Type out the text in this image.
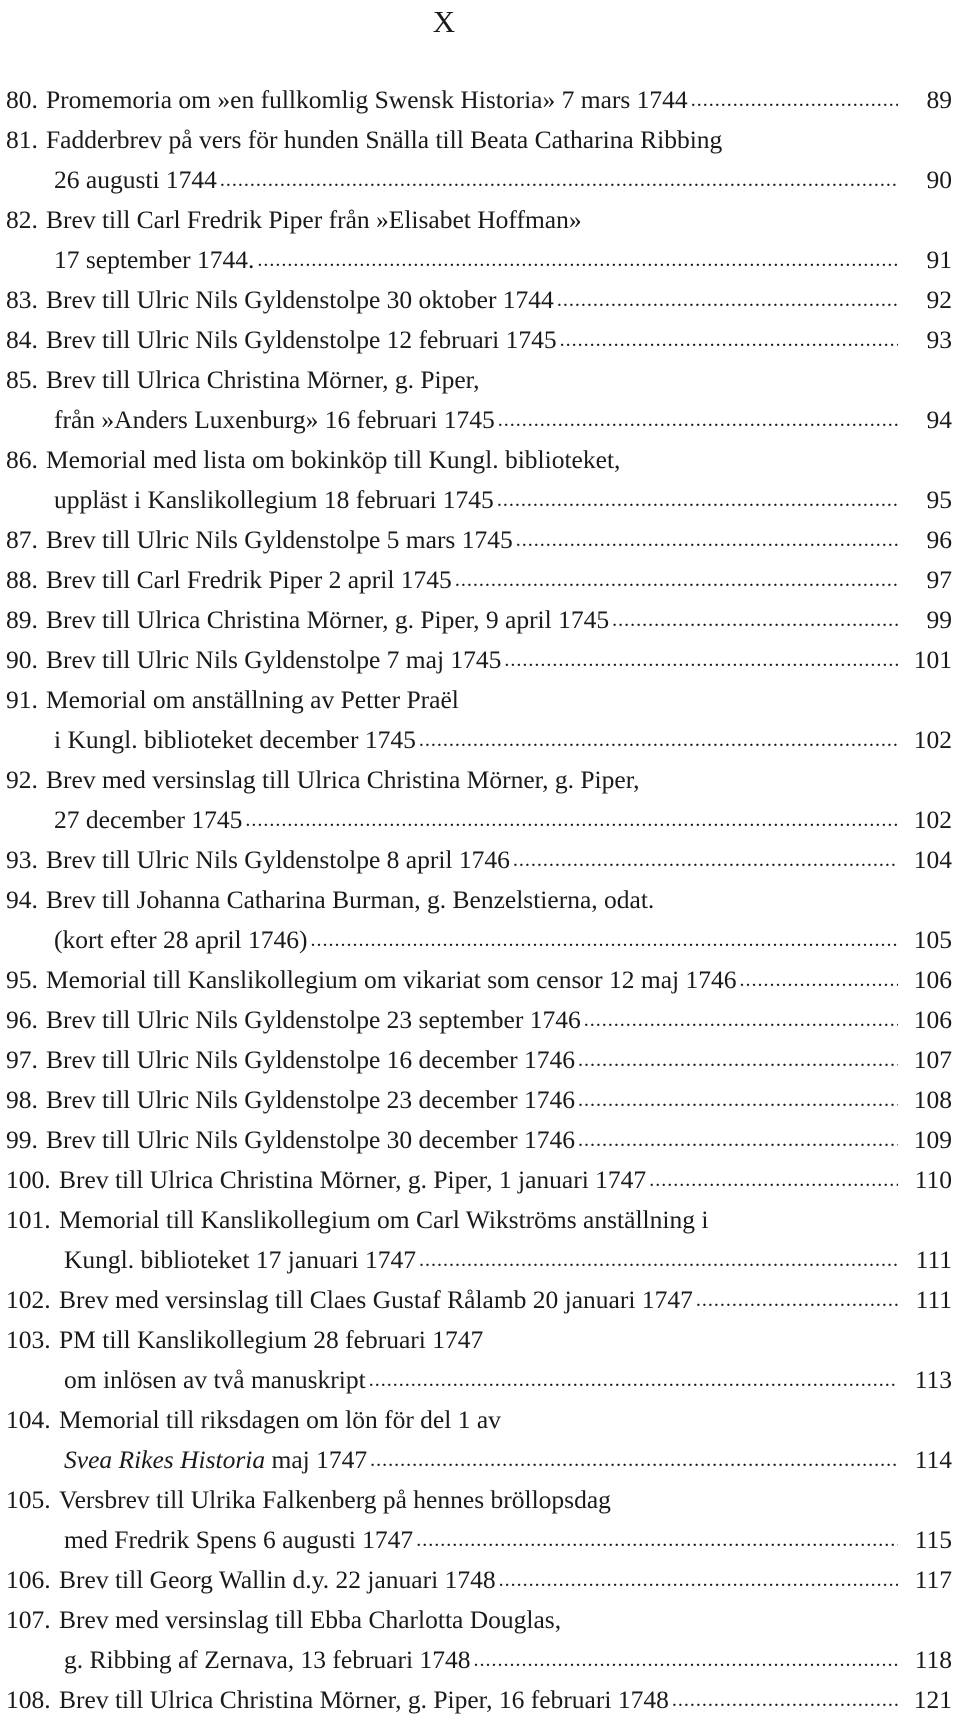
X
80. Promemoria om »en fullkomlig Swensk Historia» 7 mars 1744 .....	89
81. Fadderbrev på vers för hunden Snälla till Beata Catharina Ribbing
26 augusti 1744 .....	90
82. Brev till Carl Fredrik Piper från »Elisabet Hoffman»
17 september 1744. .....	91
83. Brev till Ulric Nils Gyldenstolpe 30 oktober 1744 .....	92
84. Brev till Ulric Nils Gyldenstolpe 12 februari 1745 .....	93
85. Brev till Ulrica Christina Mörner, g. Piper,
från »Anders Luxenburg» 16 februari 1745 .....	94
86. Memorial med lista om bokinköp till Kungl. biblioteket,
uppläst i Kanslikollegium 18 februari 1745 .....	95
87. Brev till Ulric Nils Gyldenstolpe 5 mars 1745 .....	96
88. Brev till Carl Fredrik Piper 2 april 1745 .....	97
89. Brev till Ulrica Christina Mörner, g. Piper, 9 april 1745 .....	99
90. Brev till Ulric Nils Gyldenstolpe 7 maj 1745 .....	101
91. Memorial om anställning av Petter Praël
i Kungl. biblioteket december 1745 .....	102
92. Brev med versinslag till Ulrica Christina Mörner, g. Piper,
27 december 1745 .....	102
93. Brev till Ulric Nils Gyldenstolpe 8 april 1746 .....	104
94. Brev till Johanna Catharina Burman, g. Benzelstierna, odat.
(kort efter 28 april 1746) .....	105
95. Memorial till Kanslikollegium om vikariat som censor 12 maj 1746 .....	106
96. Brev till Ulric Nils Gyldenstolpe 23 september 1746 .....	106
97. Brev till Ulric Nils Gyldenstolpe 16 december 1746 .....	107
98. Brev till Ulric Nils Gyldenstolpe 23 december 1746 .....	108
99. Brev till Ulric Nils Gyldenstolpe 30 december 1746 .....	109
100. Brev till Ulrica Christina Mörner, g. Piper, 1 januari 1747 .....	110
101. Memorial till Kanslikollegium om Carl Wikströms anställning i
Kungl. biblioteket 17 januari 1747 .....	111
102. Brev med versinslag till Claes Gustaf Rålamb 20 januari 1747 .....	111
103. PM till Kanslikollegium 28 februari 1747
om inlösen av två manuskript .....	113
104. Memorial till riksdagen om lön för del 1 av
Svea Rikes Historia maj 1747 .....	114
105. Versbrev till Ulrika Falkenberg på hennes bröllopsdag
med Fredrik Spens 6 augusti 1747 .....	115
106. Brev till Georg Wallin d.y. 22 januari 1748 .....	117
107. Brev med versinslag till Ebba Charlotta Douglas,
g. Ribbing af Zernava, 13 februari 1748 .....	118
108. Brev till Ulrica Christina Mörner, g. Piper, 16 februari 1748 .....	121
